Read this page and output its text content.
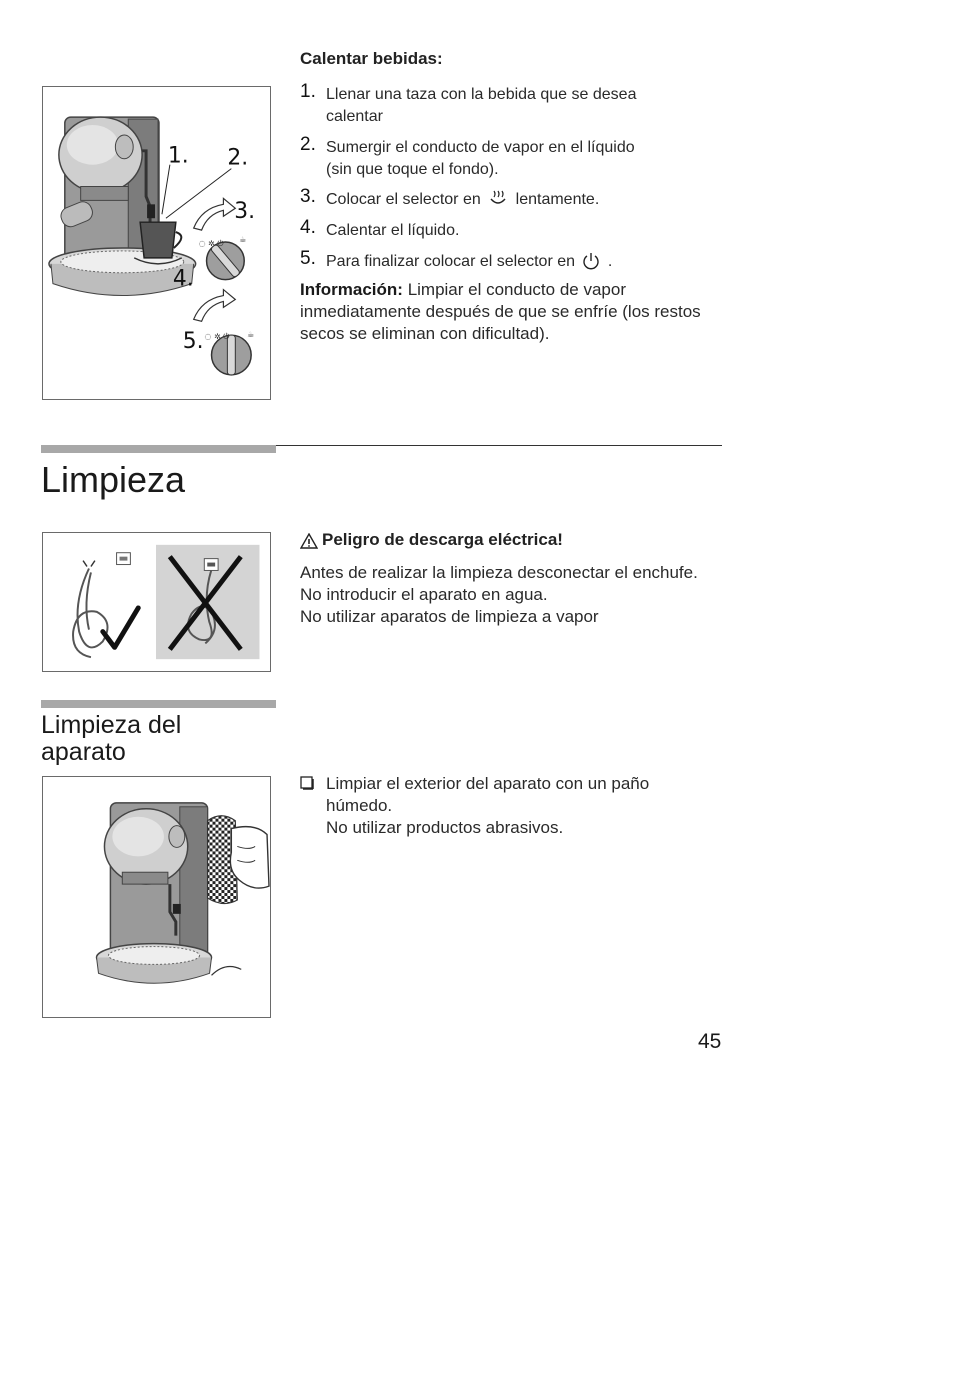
◌ ✲ ⏻ ☕
◌ ✲ ⏻ ☕
1. 2.
3.
4.
5.
Calentar bebidas:
1. Llenar una taza con la bebida que se desea
calentar
2. Sumergir el conducto de vapor en el líquido
(sin que toque el fondo).
3. Colocar el selector en lentamente.
4. Calentar el líquido.
5. Para finalizar colocar el selector en .
Información: Limpiar el conducto de vapor
inmediatamente después de que se enfríe (los restos
secos se eliminan con dificultad).
Limpieza
Peligro de descarga eléctrica!
Antes de realizar la limpieza desconectar el enchufe.
No introducir el aparato en agua.
No utilizar aparatos de limpieza a vapor
Limpieza del
aparato
Limpiar el exterior del aparato con un paño
húmedo.
No utilizar productos abrasivos.
45
